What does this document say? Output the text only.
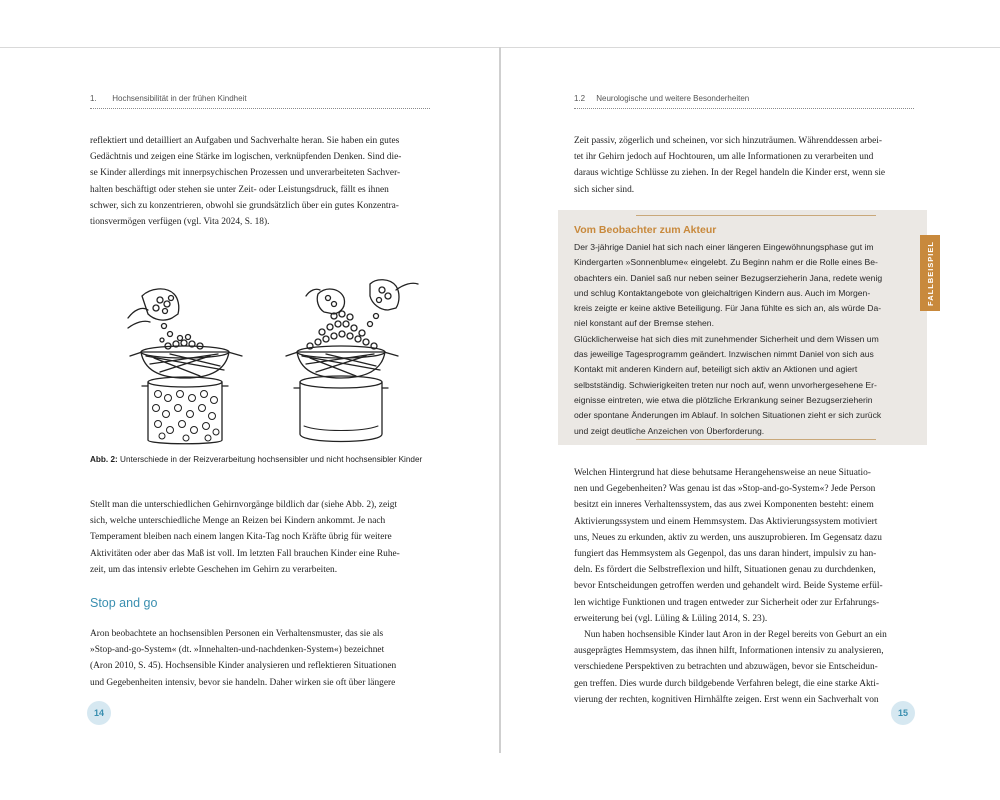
1. Hochsensibilität in der frühen Kindheit

reflektiert und detailliert an Aufgaben und Sachverhalte heran. Sie haben ein gutes

Gedächtnis und zeigen eine Stärke im logischen, verknüpfenden Denken. Sind die-

se Kinder allerdings mit innerpsychischen Prozessen und unverarbeiteten Sachver-

halten beschäftigt oder stehen sie unter Zeit- oder Leistungsdruck, fällt es ihnen

schwer, sich zu konzentrieren, obwohl sie grundsätzlich über ein gutes Konzentra-

tionsvermögen verfügen (vgl. Vita 2024, S. 18).

Abb. 2: Unterschiede in der Reizverarbeitung hochsensibler und nicht hochsensibler Kinder

Stellt man die unterschiedlichen Gehirnvorgänge bildlich dar (siehe Abb. 2), zeigt

sich, welche unterschiedliche Menge an Reizen bei Kindern ankommt. Je nach

Temperament bleiben nach einem langen Kita-Tag noch Kräfte übrig für weitere

Aktivitäten oder aber das Maß ist voll. Im letzten Fall brauchen Kinder eine Ruhe-

zeit, um das intensiv erlebte Geschehen im Gehirn zu verarbeiten.

Stop and go

Aron beobachtete an hochsensiblen Personen ein Verhaltensmuster, das sie als

»Stop-and-go-System« (dt. »Innehalten-und-nachdenken-System«) bezeichnet

(Aron 2010, S. 45). Hochsensible Kinder analysieren und reflektieren Situationen

und Gegebenheiten intensiv, bevor sie handeln. Daher wirken sie oft über längere

14
1.2 Neurologische und weitere Besonderheiten

Zeit passiv, zögerlich und scheinen, vor sich hinzuträumen. Währenddessen arbei-

tet ihr Gehirn jedoch auf Hochtouren, um alle Informationen zu verarbeiten und

daraus wichtige Schlüsse zu ziehen. In der Regel handeln die Kinder erst, wenn sie

sich sicher sind.

Vom Beobachter zum Akteur

Der 3-jährige Daniel hat sich nach einer längeren Eingewöhnungsphase gut im

Kindergarten »Sonnenblume« eingelebt. Zu Beginn nahm er die Rolle eines Be-

obachters ein. Daniel saß nur neben seiner Bezugserzieherin Jana, redete wenig

und schlug Kontaktangebote von gleichaltrigen Kindern aus. Auch im Morgen-

kreis zeigte er keine aktive Beteiligung. Für Jana fühlte es sich an, als würde Da-

niel konstant auf der Bremse stehen.

Glücklicherweise hat sich dies mit zunehmender Sicherheit und dem Wissen um

das jeweilige Tagesprogramm geändert. Inzwischen nimmt Daniel von sich aus

Kontakt mit anderen Kindern auf, beteiligt sich aktiv an Aktionen und agiert

selbstständig. Schwierigkeiten treten nur noch auf, wenn unvorhergesehene Er-

eignisse eintreten, wie etwa die plötzliche Erkrankung seiner Bezugserzieherin

oder spontane Änderungen im Ablauf. In solchen Situationen zieht er sich zurück

und zeigt deutliche Anzeichen von Überforderung.

FALLBEISPIEL

Welchen Hintergrund hat diese behutsame Herangehensweise an neue Situatio-

nen und Gegebenheiten? Was genau ist das »Stop-and-go-System«? Jede Person

besitzt ein inneres Verhaltenssystem, das aus zwei Komponenten besteht: einem

Aktivierungssystem und einem Hemmsystem. Das Aktivierungssystem motiviert

uns, Neues zu erkunden, aktiv zu werden, uns auszuprobieren. Im Gegensatz dazu

fungiert das Hemmsystem als Gegenpol, das uns daran hindert, impulsiv zu han-

deln. Es fördert die Selbstreflexion und hilft, Situationen genau zu durchdenken,

bevor Entscheidungen getroffen werden und gehandelt wird. Beide Systeme erfül-

len wichtige Funktionen und tragen entweder zur Sicherheit oder zur Erfahrungs-

erweiterung bei (vgl. Lüling & Lüling 2014, S. 23).

Nun haben hochsensible Kinder laut Aron in der Regel bereits von Geburt an ein

ausgeprägtes Hemmsystem, das ihnen hilft, Informationen intensiv zu analysieren,

verschiedene Perspektiven zu betrachten und abzuwägen, bevor sie Entscheidun-

gen treffen. Dies wurde durch bildgebende Verfahren belegt, die eine starke Akti-

vierung der rechten, kognitiven Hirnhälfte zeigen. Erst wenn ein Sachverhalt von

15
